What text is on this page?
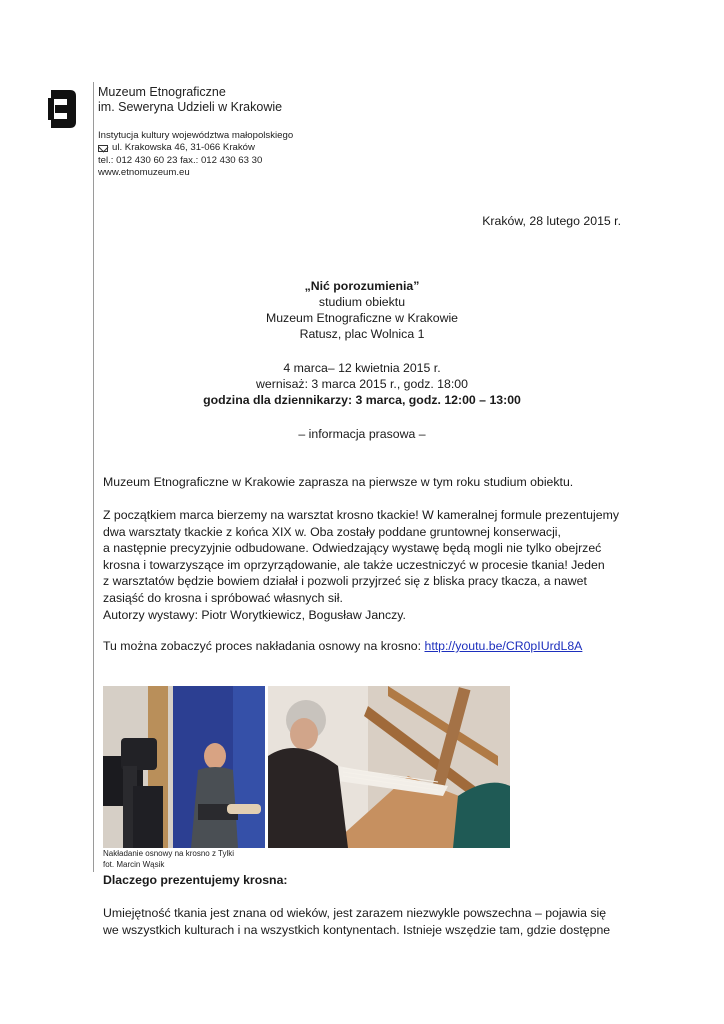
Muzeum Etnograficzne
im. Seweryna Udzieli w Krakowie
Instytucja kultury województwa małopolskiego
ul. Krakowska 46, 31-066 Kraków
tel.: 012 430 60 23 fax.: 012 430 63 30
www.etnomuzeum.eu
Kraków, 28 lutego 2015 r.
„Nić porozumienia”
studium obiektu
Muzeum Etnograficzne w Krakowie
Ratusz, plac Wolnica 1
4 marca– 12 kwietnia 2015 r.
wernisaż: 3 marca 2015 r., godz. 18:00
godzina dla dziennikarzy: 3 marca, godz. 12:00 – 13:00
– informacja prasowa –

Muzeum Etnograficzne w Krakowie zaprasza na pierwsze w tym roku studium obiektu.

Z początkiem marca bierzemy na warsztat krosno tkackie! W kameralnej formule prezentujemy

dwa warsztaty tkackie z końca XIX w. Oba zostały poddane gruntownej konserwacji,

a następnie precyzyjnie odbudowane. Odwiedzający wystawę będą mogli nie tylko obejrzeć

krosna i towarzyszące im oprzyrządowanie, ale także uczestniczyć w procesie tkania! Jeden

z warsztatów będzie bowiem działał i pozwoli przyjrzeć się z bliska pracy tkacza, a nawet

zasiąść do krosna i spróbować własnych sił.

Autorzy wystawy: Piotr Worytkiewicz, Bogusław Janczy.

Tu można zobaczyć proces nakładania osnowy na krosno: http://youtu.be/CR0pIUrdL8A

Nakładanie osnowy na krosno z Tylki
fot. Marcin Wąsik
Dlaczego prezentujemy krosna:

Umiejętność tkania jest znana od wieków, jest zarazem niezwykle powszechna – pojawia się

we wszystkich kulturach i na wszystkich kontynentach. Istnieje wszędzie tam, gdzie dostępne
